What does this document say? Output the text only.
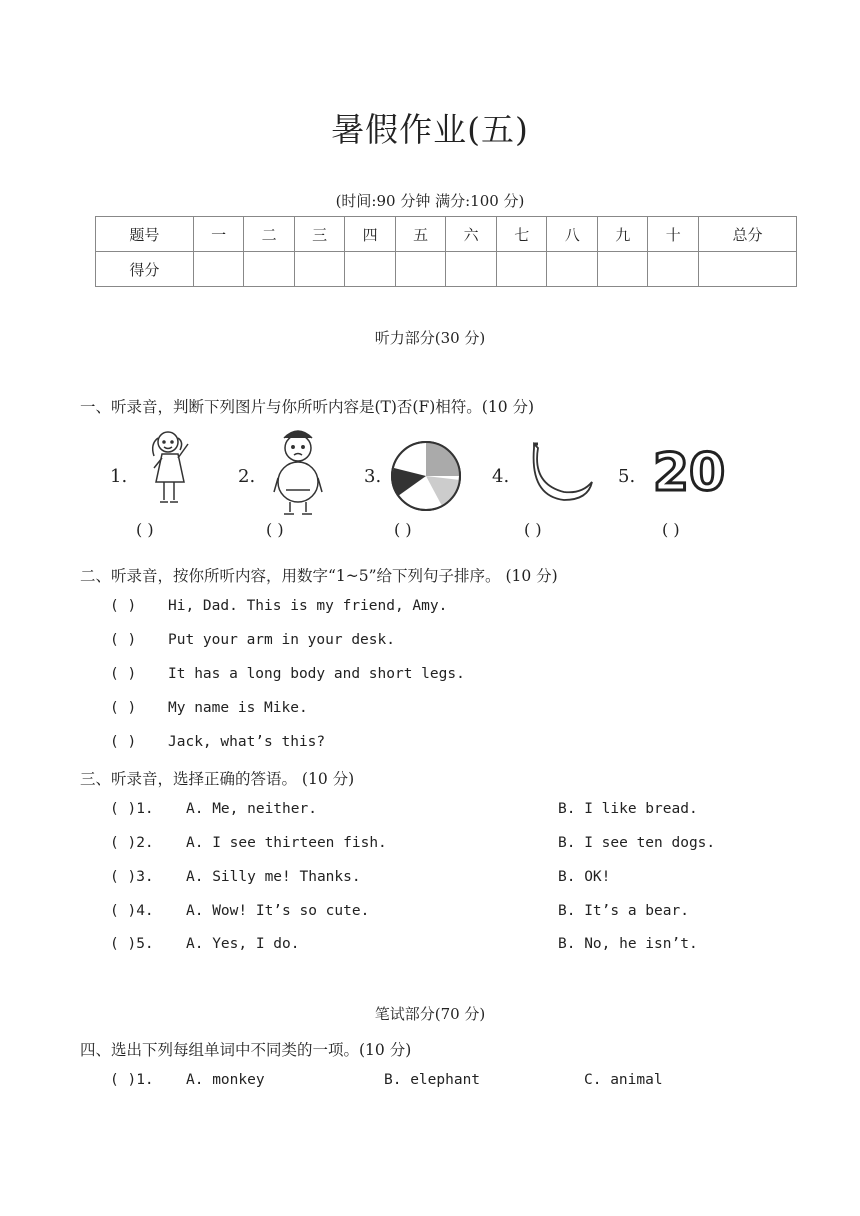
暑假作业(五)
(时间:90 分钟 满分:100 分)
题号	一	二	三	四	五	六	七	八	九	十	总分
得分											
听力部分(30 分)
一、听录音，判断下列图片与你所听内容是(T)否(F)相符。(10 分)
1.
( )
2.
( )
3.
( )
4.
( )
5. 20
( )
二、听录音，按你所听内容，用数字“1~5”给下列句子排序。 (10 分)
( ) Hi, Dad. This is my friend, Amy.
( ) Put your arm in your desk.
( ) It has a long body and short legs.
( ) My name is Mike.
( ) Jack, what’s this?
三、听录音，选择正确的答语。 (10 分)
( )1. A. Me, neither.	B. I like bread.
( )2. A. I see thirteen fish.	B. I see ten dogs.
( )3. A. Silly me! Thanks.	B. OK!
( )4. A. Wow! It’s so cute.	B. It’s a bear.
( )5. A. Yes, I do.	B. No, he isn’t.
笔试部分(70 分)
四、选出下列每组单词中不同类的一项。(10 分)
( )1. A. monkey	B. elephant	C. animal
